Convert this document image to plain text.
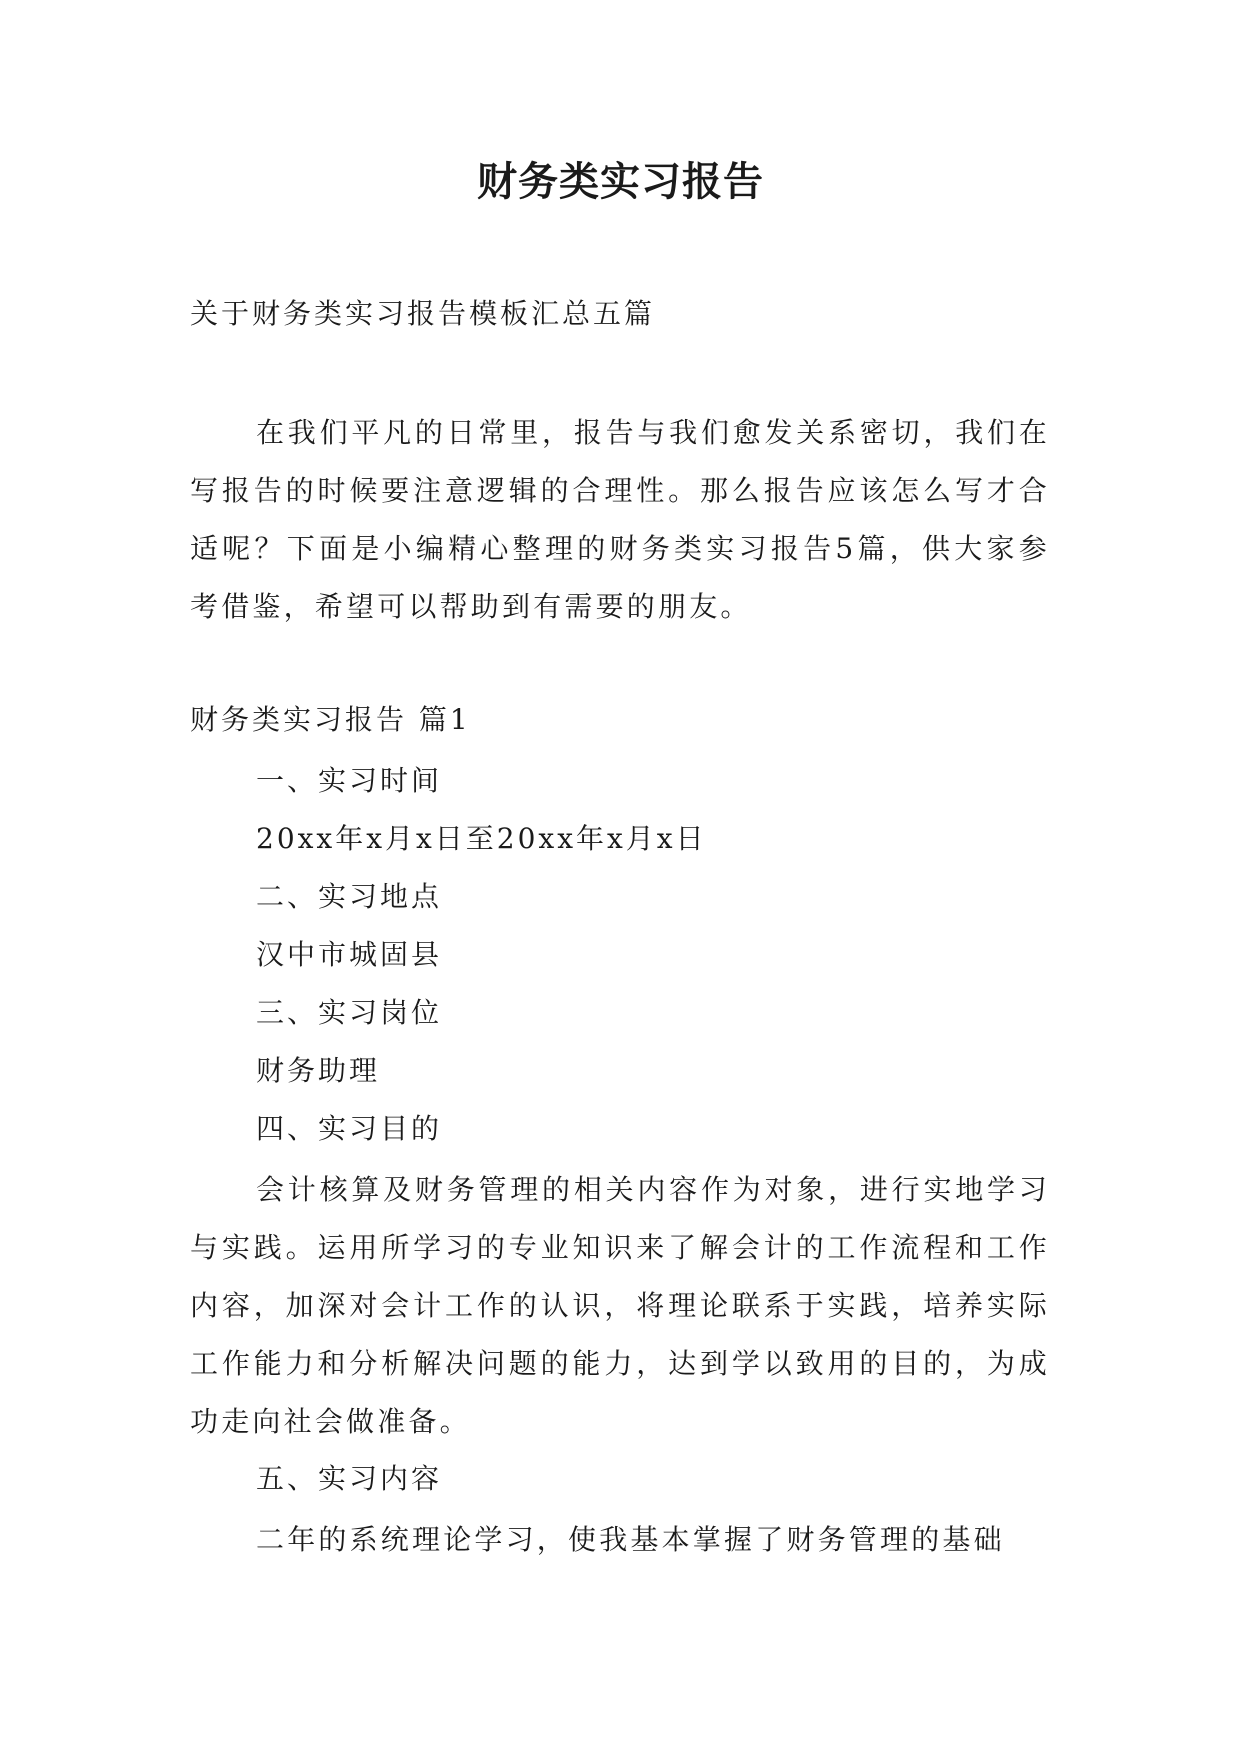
财务类实习报告

关于财务类实习报告模板汇总五篇

在我们平凡的日常里，报告与我们愈发关系密切，我们在写报告的时候要注意逻辑的合理性。那么报告应该怎么写才合适呢？下面是小编精心整理的财务类实习报告5篇，供大家参考借鉴，希望可以帮助到有需要的朋友。

财务类实习报告 篇1

一、实习时间

20xx年x月x日至20xx年x月x日

二、实习地点

汉中市城固县

三、实习岗位

财务助理

四、实习目的

会计核算及财务管理的相关内容作为对象，进行实地学习与实践。运用所学习的专业知识来了解会计的工作流程和工作内容，加深对会计工作的认识，将理论联系于实践，培养实际工作能力和分析解决问题的能力，达到学以致用的目的，为成功走向社会做准备。

五、实习内容

二年的系统理论学习，使我基本掌握了财务管理的基础
